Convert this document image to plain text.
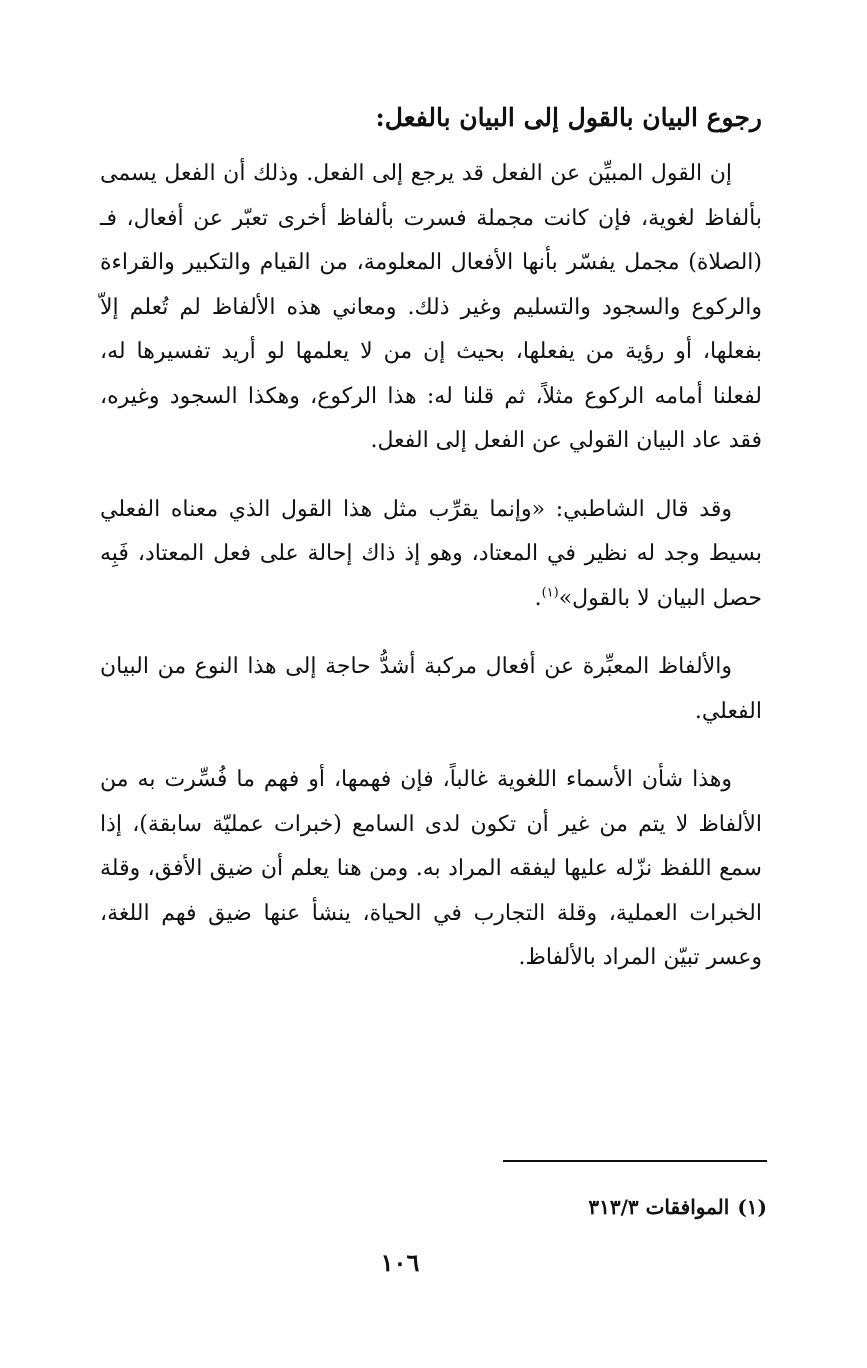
رجوع البيان بالقول إلى البيان بالفعل:

إن القول المبيِّن عن الفعل قد يرجع إلى الفعل. وذلك أن الفعل يسمى بألفاظ لغوية، فإن كانت مجملة فسرت بألفاظ أخرى تعبّر عن أفعال، فـ (الصلاة) مجمل يفسّر بأنها الأفعال المعلومة، من القيام والتكبير والقراءة والركوع والسجود والتسليم وغير ذلك. ومعاني هذه الألفاظ لم تُعلم إلاّ بفعلها، أو رؤية من يفعلها، بحيث إن من لا يعلمها لو أريد تفسيرها له، لفعلنا أمامه الركوع مثلاً، ثم قلنا له: هذا الركوع، وهكذا السجود وغيره، فقد عاد البيان القولي عن الفعل إلى الفعل.

وقد قال الشاطبي: «وإنما يقرِّب مثل هذا القول الذي معناه الفعلي بسيط وجد له نظير في المعتاد، وهو إذ ذاك إحالة على فعل المعتاد، فَبِه حصل البيان لا بالقول»$^{(١)}$.

والألفاظ المعبِّرة عن أفعال مركبة أشدُّ حاجة إلى هذا النوع من البيان الفعلي.

وهذا شأن الأسماء اللغوية غالباً، فإن فهمها، أو فهم ما فُسِّرت به من الألفاظ لا يتم من غير أن تكون لدى السامع (خبرات عمليّة سابقة)، إذا سمع اللفظ نزّله عليها ليفقه المراد به. ومن هنا يعلم أن ضيق الأفق، وقلة الخبرات العملية، وقلة التجارب في الحياة، ينشأ عنها ضيق فهم اللغة، وعسر تبيّن المراد بالألفاظ.

(١)الموافقات ٣١٣/٣
١٠٦
